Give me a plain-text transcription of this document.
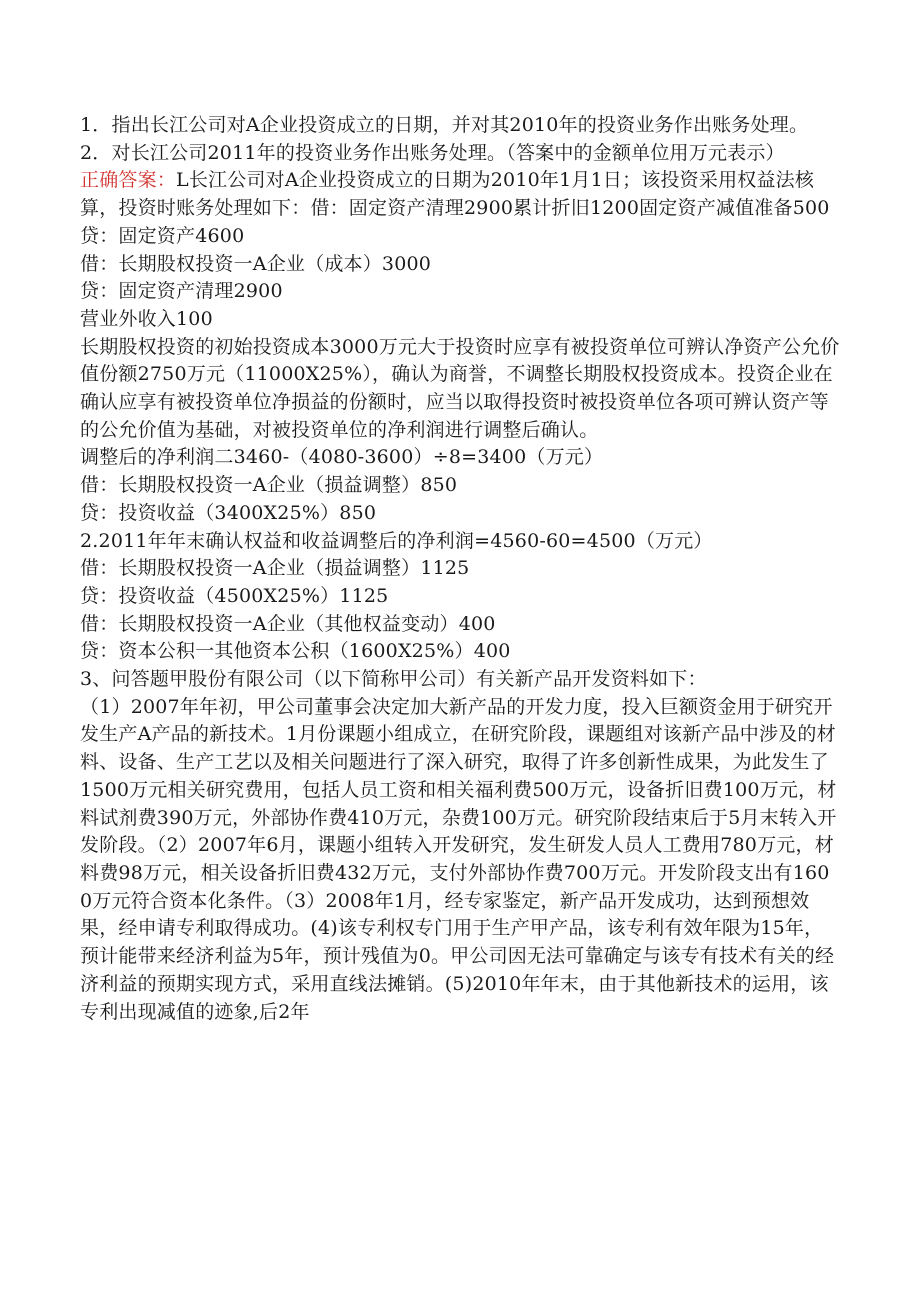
1．指出长江公司对A企业投资成立的日期，并对其2010年的投资业务作出账务处理。

2．对长江公司2011年的投资业务作出账务处理。（答案中的金额单位用万元表示）

正确答案：L长江公司对A企业投资成立的日期为2010年1月1日；该投资采用权益法核算，投资时账务处理如下：借：固定资产清理2900累计折旧1200固定资产减值准备500

贷：固定资产4600

借：长期股权投资一A企业（成本）3000

贷：固定资产清理2900

营业外收入100

长期股权投资的初始投资成本3000万元大于投资时应享有被投资单位可辨认净资产公允价值份额2750万元（11000X25%），确认为商誉，不调整长期股权投资成本。投资企业在确认应享有被投资单位净损益的份额时，应当以取得投资时被投资单位各项可辨认资产等的公允价值为基础，对被投资单位的净利润进行调整后确认。

调整后的净利润二3460-（4080-3600）÷8=3400（万元）

借：长期股权投资一A企业（损益调整）850

贷：投资收益（3400X25%）850

2.2011年年末确认权益和收益调整后的净利润=4560-60=4500（万元）

借：长期股权投资一A企业（损益调整）1125

贷：投资收益（4500X25%）1125

借：长期股权投资一A企业（其他权益变动）400

贷：资本公积一其他资本公积（1600X25%）400

3、问答题甲股份有限公司（以下简称甲公司）有关新产品开发资料如下：

（1）2007年年初，甲公司董事会决定加大新产品的开发力度，投入巨额资金用于研究开发生产A产品的新技术。1月份课题小组成立，在研究阶段，课题组对该新产品中涉及的材料、设备、生产工艺以及相关问题进行了深入研究，取得了许多创新性成果，为此发生了1500万元相关研究费用，包括人员工资和相关福利费500万元，设备折旧费100万元，材料试剂费390万元，外部协作费410万元，杂费100万元。研究阶段结束后于5月末转入开发阶段。（2）2007年6月，课题小组转入开发研究，发生研发人员人工费用780万元，材料费98万元，相关设备折旧费432万元，支付外部协作费700万元。开发阶段支出有1600万元符合资本化条件。（3）2008年1月，经专家鉴定，新产品开发成功，达到预想效果，经申请专利取得成功。(4)该专利权专门用于生产甲产品，该专利有效年限为15年，预计能带来经济利益为5年，预计残值为0。甲公司因无法可靠确定与该专有技术有关的经济利益的预期实现方式，采用直线法摊销。(5)2010年年末，由于其他新技术的运用，该专利出现减值的迹象,后2年
